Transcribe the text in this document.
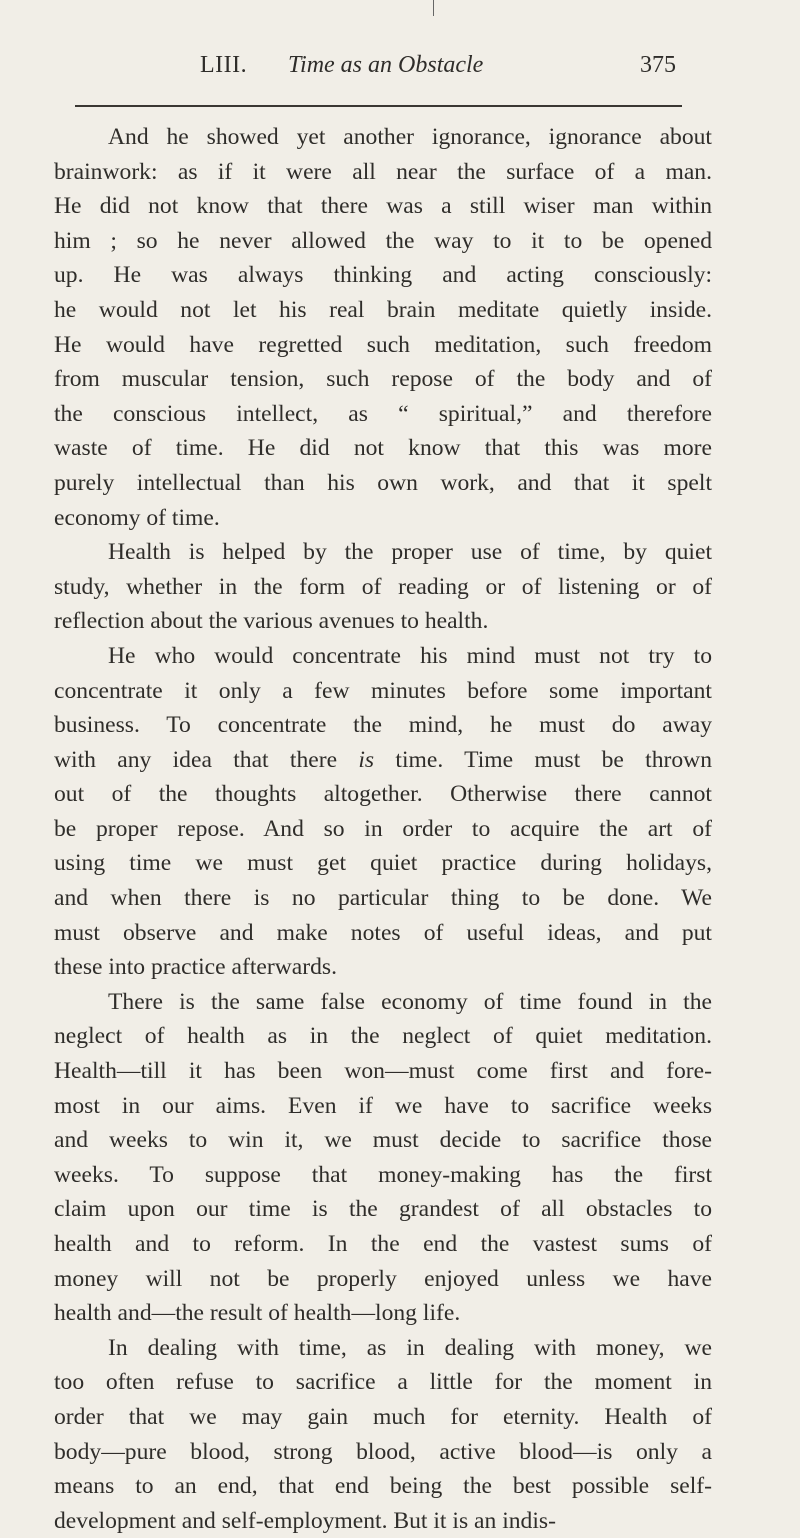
LIII. Time as an Obstacle	375
And he showed yet another ignorance, ignorance about
brainwork: as if it were all near the surface of a man.
He did not know that there was a still wiser man within
him ; so he never allowed the way to it to be opened
up. He was always thinking and acting consciously:
he would not let his real brain meditate quietly inside.
He would have regretted such meditation, such freedom
from muscular tension, such repose of the body and of
the conscious intellect, as “ spiritual,” and therefore
waste of time. He did not know that this was more
purely intellectual than his own work, and that it spelt
economy of time.
Health is helped by the proper use of time, by quiet
study, whether in the form of reading or of listening or of
reflection about the various avenues to health.
He who would concentrate his mind must not try to
concentrate it only a few minutes before some important
business. To concentrate the mind, he must do away
with any idea that there is time. Time must be thrown
out of the thoughts altogether. Otherwise there cannot
be proper repose. And so in order to acquire the art of
using time we must get quiet practice during holidays,
and when there is no particular thing to be done. We
must observe and make notes of useful ideas, and put
these into practice afterwards.
There is the same false economy of time found in the
neglect of health as in the neglect of quiet meditation.
Health—till it has been won—must come first and fore-
most in our aims. Even if we have to sacrifice weeks
and weeks to win it, we must decide to sacrifice those
weeks. To suppose that money-making has the first
claim upon our time is the grandest of all obstacles to
health and to reform. In the end the vastest sums of
money will not be properly enjoyed unless we have
health and—the result of health—long life.
In dealing with time, as in dealing with money, we
too often refuse to sacrifice a little for the moment in
order that we may gain much for eternity. Health of
body—pure blood, strong blood, active blood—is only a
means to an end, that end being the best possible self-
development and self-employment. But it is an indis-
